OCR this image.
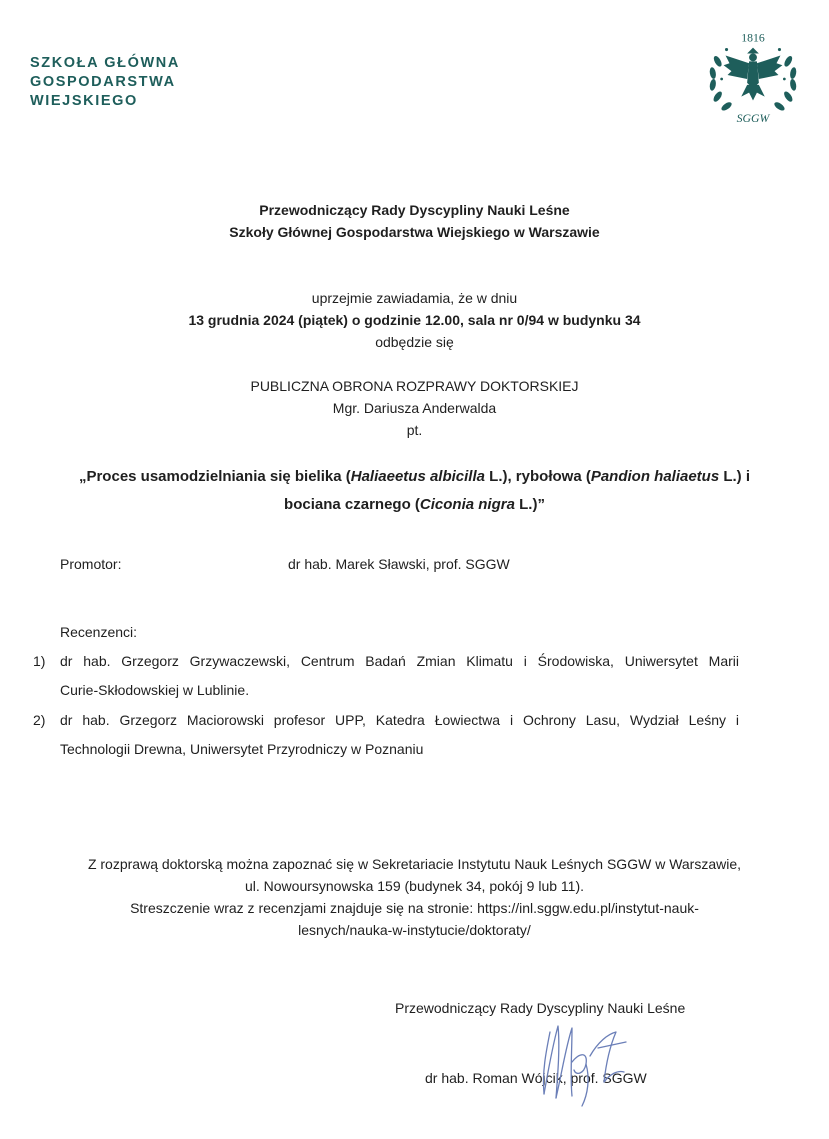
SZKOŁA GŁÓWNA
GOSPODARSTWA
WIEJSKIEGO
1816
SGGW
Przewodniczący Rady Dyscypliny Nauki Leśne
Szkoły Głównej Gospodarstwa Wiejskiego w Warszawie
uprzejmie zawiadamia, że w dniu
13 grudnia 2024 (piątek) o godzinie 12.00, sala nr 0/94 w budynku 34
odbędzie się
PUBLICZNA OBRONA ROZPRAWY DOKTORSKIEJ
Mgr. Dariusza Anderwalda
pt.
„Proces usamodzielniania się bielika (Haliaeetus albicilla L.), rybołowa (Pandion haliaetus L.) i
bociana czarnego (Ciconia nigra L.)”
Promotor:	dr hab. Marek Sławski, prof. SGGW
Recenzenci:
1) dr hab. Grzegorz Grzywaczewski, Centrum Badań Zmian Klimatu i Środowiska, Uniwersytet Marii
Curie-Skłodowskiej w Lublinie.
2) dr hab. Grzegorz Maciorowski profesor UPP, Katedra Łowiectwa i Ochrony Lasu, Wydział Leśny i
Technologii Drewna, Uniwersytet Przyrodniczy w Poznaniu
Z rozprawą doktorską można zapoznać się w Sekretariacie Instytutu Nauk Leśnych SGGW w Warszawie,
ul. Nowoursynowska 159 (budynek 34, pokój 9 lub 11).
Streszczenie wraz z recenzjami znajduje się na stronie: https://inl.sggw.edu.pl/instytut-nauk-
lesnych/nauka-w-instytucie/doktoraty/
Przewodniczący Rady Dyscypliny Nauki Leśne
dr hab. Roman Wójcik, prof. SGGW
